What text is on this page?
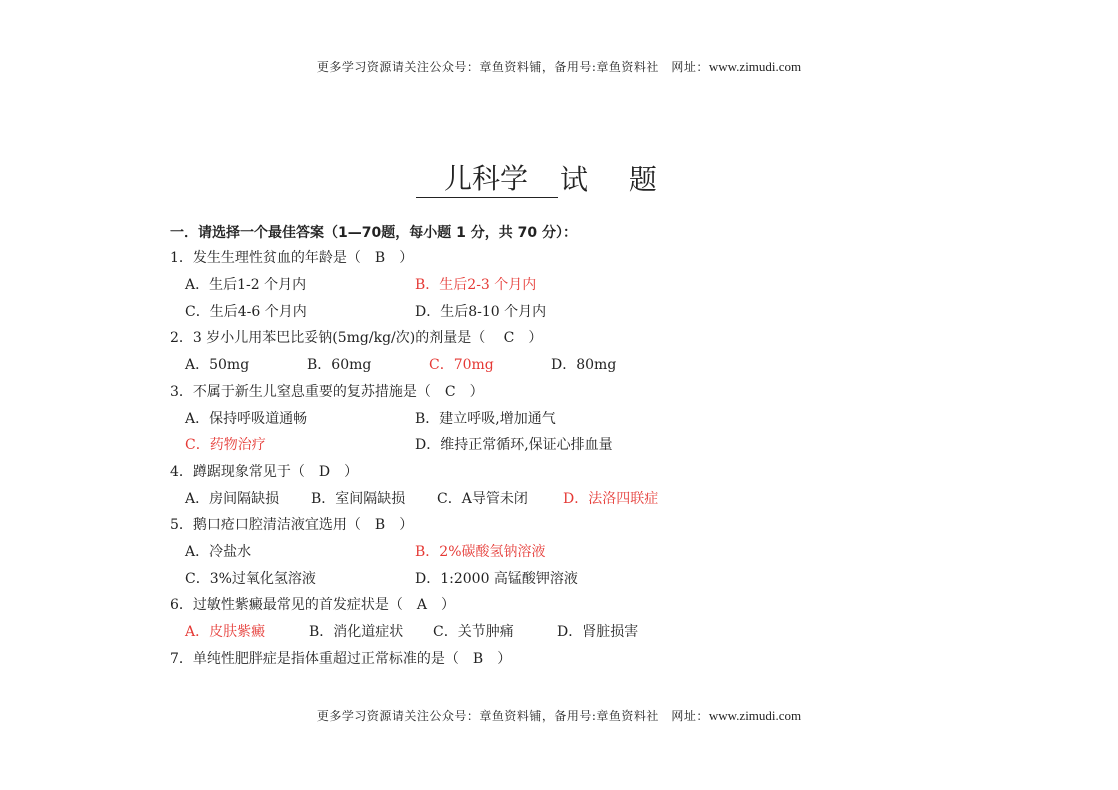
更多学习资源请关注公众号：章鱼资料铺，备用号:章鱼资料社　网址：www.zimudi.com
儿科学	试 题
一．请选择一个最佳答案（1—70题，每小题 1 分，共 70 分）：
1．发生生理性贫血的年龄是（　B　）
A．生后1-2 个月内	B．生后2-3 个月内
C．生后4-6 个月内	D．生后8-10 个月内
2．3 岁小儿用苯巴比妥钠(5mg/kg/次)的剂量是（　 C　）
A．50mg	B．60mg	C．70mg	D．80mg
3．不属于新生儿窒息重要的复苏措施是（　C　）
A．保持呼吸道通畅	B．建立呼吸,增加通气
C．药物治疗	D．维持正常循环,保证心排血量
4．蹲踞现象常见于（　D　）
A．房间隔缺损	B．室间隔缺损	C．A导管未闭	D．法洛四联症
5．鹅口疮口腔清洁液宜选用（　B　）
A．冷盐水	B．2%碳酸氢钠溶液
C．3%过氧化氢溶液	D．1:2000 高锰酸钾溶液
6．过敏性紫癜最常见的首发症状是（　A　）
A．皮肤紫癜	B．消化道症状	C．关节肿痛	D．肾脏损害
7．单纯性肥胖症是指体重超过正常标准的是（　B　）
更多学习资源请关注公众号：章鱼资料铺，备用号:章鱼资料社　网址：www.zimudi.com
